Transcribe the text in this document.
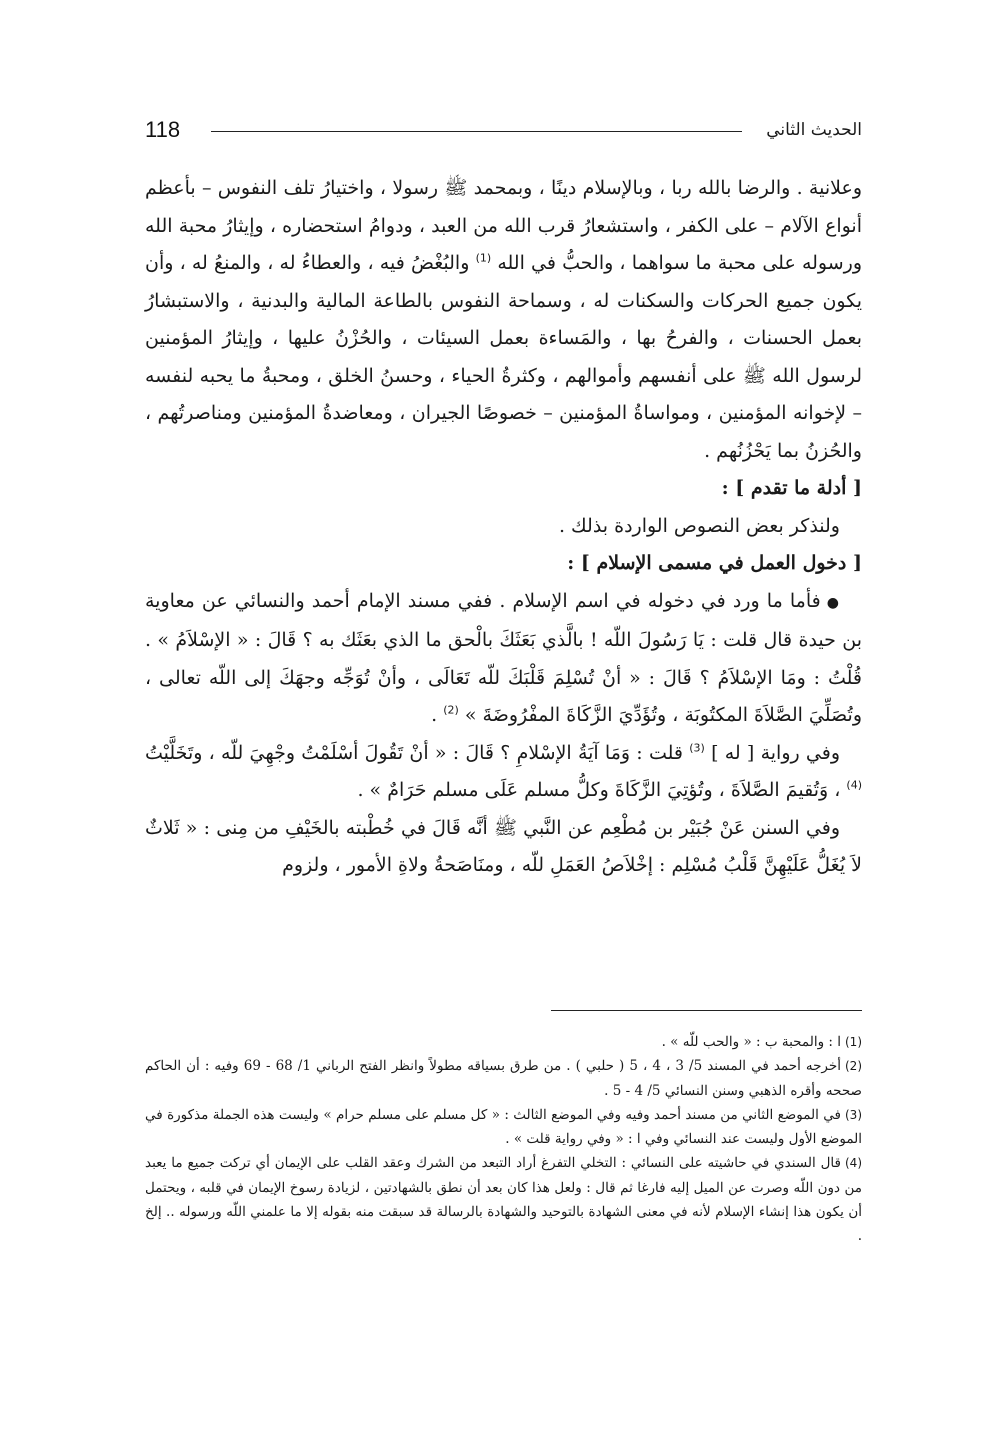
118	الحديث الثاني

وعلانية . والرضا بالله ربا ، وبالإسلام دينًا ، وبمحمد ﷺ رسولا ، واختيارُ تلف النفوس – بأعظم أنواع الآلام – على الكفر ، واستشعارُ قرب الله من العبد ، ودوامُ استحضاره ، وإيثارُ محبة الله ورسوله على محبة ما سواهما ، والحبُّ في الله $^{(1)}$ والبُغْضُ فيه ، والعطاءُ له ، والمنعُ له ، وأن يكون جميع الحركات والسكنات له ، وسماحة النفوس بالطاعة المالية والبدنية ، والاستبشارُ بعمل الحسنات ، والفرحُ بها ، والمَساءة بعمل السيئات ، والحُزْنُ عليها ، وإيثارُ المؤمنين لرسول الله ﷺ على أنفسهم وأموالهم ، وكثرةُ الحياء ، وحسنُ الخلق ، ومحبةُ ما يحبه لنفسه – لإخوانه المؤمنين ، ومواساةُ المؤمنين – خصوصًا الجيران ، ومعاضدةُ المؤمنين ومناصرتُهم ، والحُزنُ بما يَحْزُنُهم .

[ أدلة ما تقدم ] :

ولنذكر بعض النصوص الواردة بذلك .

[ دخول العمل في مسمى الإسلام ] :

●فأما ما ورد في دخوله في اسم الإسلام . ففي مسند الإمام أحمد والنسائي عن معاوية بن حيدة قال قلت : يَا رَسُولَ اللّه ! بالَّذي بَعَثَكَ بالْحق ما الذي بعَثَك به ؟ قَالَ : « الإسْلاَمُ » . قُلْتُ : ومَا الإسْلاَمُ ؟ قَالَ : « أنْ تُسْلِمَ قَلْبَكَ للّه تَعَالَى ، وأنْ تُوَجِّه وجهَكَ إلى اللّه تعالى ، وتُصَلِّيَ الصَّلاَةَ المكتُوبَة ، وتُؤَدِّيَ الزَّكَاةَ المفْرُوضَةَ » $^{(2)}$ .

وفي رواية [ له ] $^{(3)}$ قلت : وَمَا آيَةُ الإسْلامِ ؟ قَالَ : « أنْ تَقُولَ أسْلَمْتُ وجْهِيَ للّه ، وتَخَلَّيْتُ $^{(4)}$ ، وَتُقيمَ الصَّلاَةَ ، وتُؤتِيَ الزَّكَاةَ وكلُّ مسلم عَلَى مسلم حَرَامٌ » .

وفي السنن عَنْ جُبَيْر بن مُطْعِم عن النَّبي ﷺ أنَّه قَالَ في خُطْبته بالخَيْفِ من مِنى : « ثَلاثٌ لاَ يُغَلُّ عَلَيْهِنَّ قَلْبُ مُسْلِم : إخْلاَصُ العَمَلِ للّه ، ومنَاصَحةُ ولاةِ الأمور ، ولزوم

(1)ا : والمحبة ب : « والحب للّه » .

(2)أخرجه أحمد في المسند 5/ 3 ، 4 ، 5 ( حلبي ) . من طرق بسياقه مطولاً وانظر الفتح الرباني 1/ 68 - 69 وفيه : أن الحاكم صححه وأقره الذهبي وسنن النسائي 5/ 4 - 5 .

(3)في الموضع الثاني من مسند أحمد وفيه وفي الموضع الثالث : « كل مسلم على مسلم حرام » وليست هذه الجملة مذكورة في الموضع الأول وليست عند النسائي وفي ا : « وفي رواية قلت » .

(4)قال السندي في حاشيته على النسائي : التخلي التفرغ أراد التبعد من الشرك وعقد القلب على الإيمان أي تركت جميع ما يعبد من دون اللّه وصرت عن الميل إليه فارغا ثم قال : ولعل هذا كان بعد أن نطق بالشهادتين ، لزيادة رسوخ الإيمان في قلبه ، ويحتمل أن يكون هذا إنشاء الإسلام لأنه في معنى الشهادة بالتوحيد والشهادة بالرسالة قد سبقت منه بقوله إلا ما علمني اللّه ورسوله .. إلخ .
